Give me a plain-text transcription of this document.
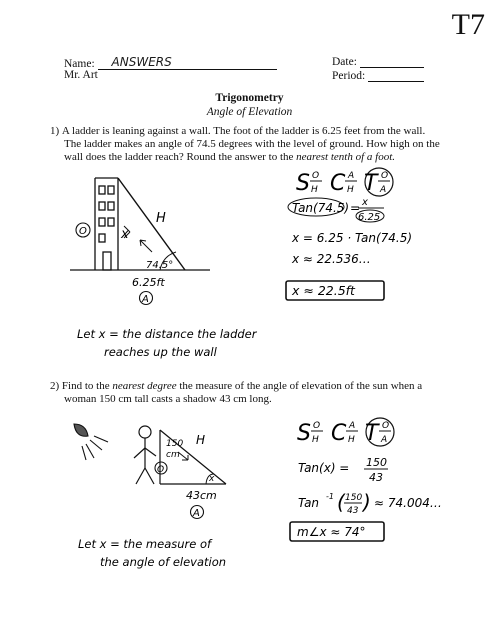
T7
Name: ANSWERS
Mr. Art
Date:
Period:
Trigonometry
Angle of Elevation
1) A ladder is leaning against a wall. The foot of the ladder is 6.25 feet from the wall.
The ladder makes an angle of 74.5 degrees with the level of ground. How high on the
wall does the ladder reach? Round the answer to the nearest tenth of a foot.
O	x
H
74.5°
6.25ft
A
S O
H C A
H T O
A
Tan(74.5) = x
6.25
x = 6.25 · Tan(74.5)
x ≈ 22.536…
x ≈ 22.5ft
Let x = the distance the ladder
reaches up the wall
2) Find to the nearest degree the measure of the angle of elevation of the sun when a
woman 150 cm tall casts a shadow 43 cm long.
150
cm
O
H
x
43cm
A
S O
H C A
H T O
A
Tan(x) = 150
43
Tan -1 ( 150
43 ) ≈ 74.004…
m∠x ≈ 74°
Let x = the measure of
the angle of elevation
